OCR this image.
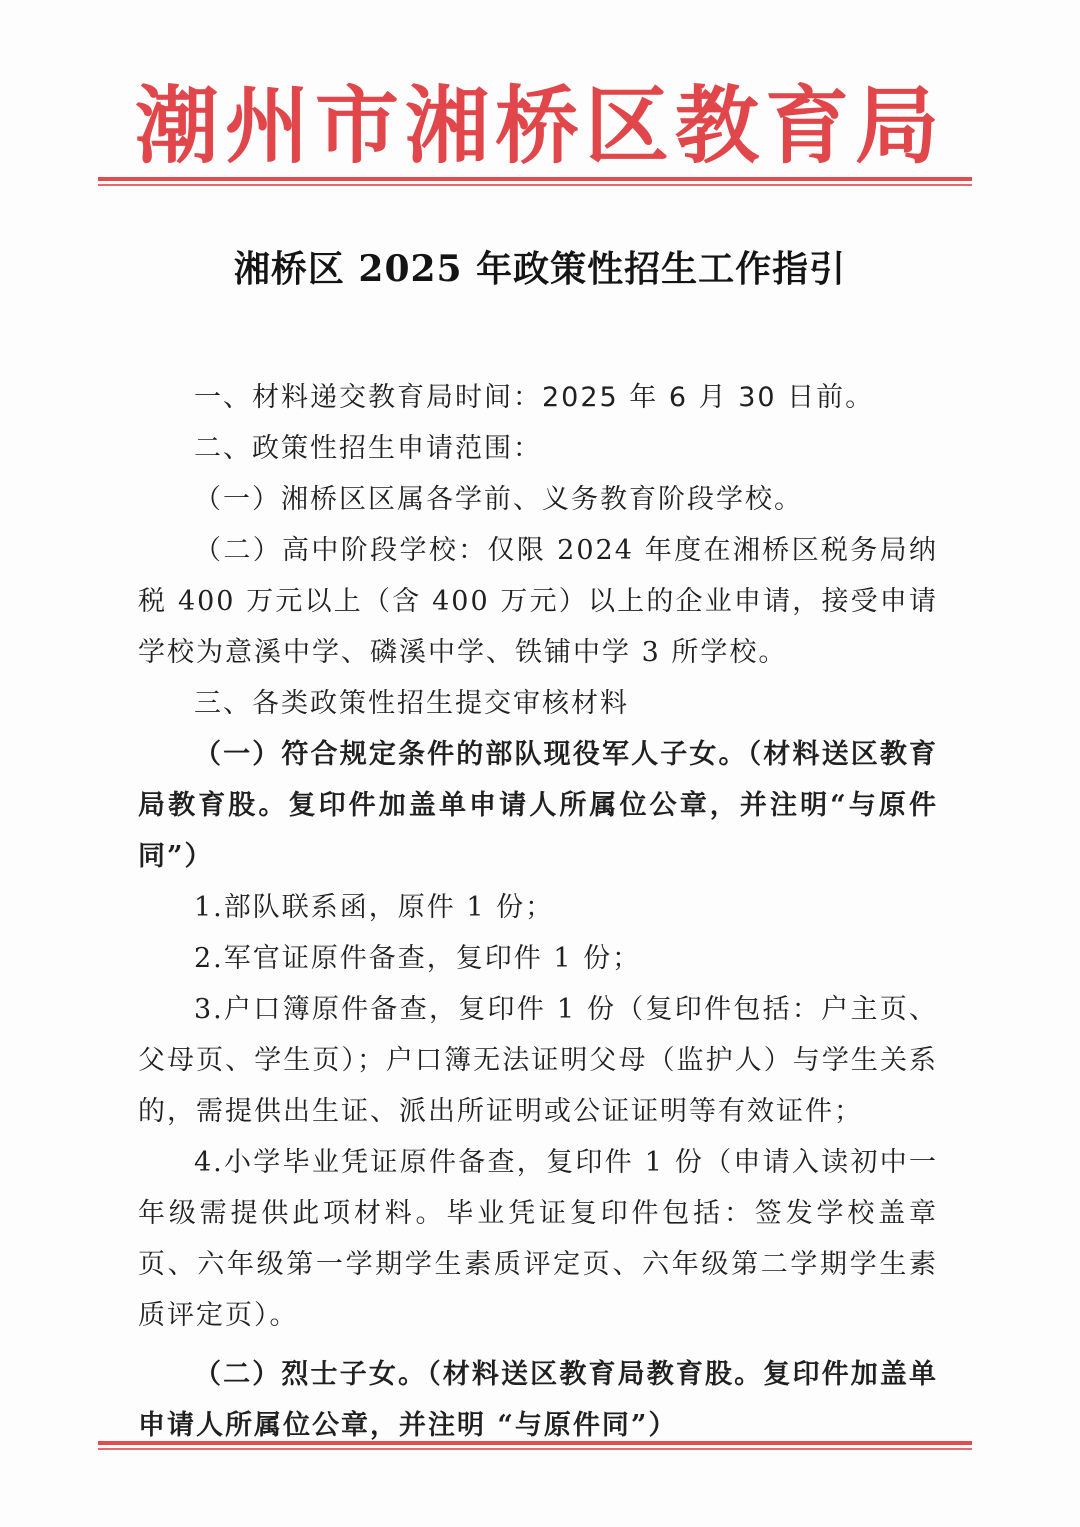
潮州市湘桥区教育局
湘桥区 2025 年政策性招生工作指引

一、材料递交教育局时间：2025 年 6 月 30 日前。

二、政策性招生申请范围：

（一）湘桥区区属各学前、义务教育阶段学校。

（二）高中阶段学校：仅限 2024 年度在湘桥区税务局纳税 400 万元以上（含 400 万元）以上的企业申请，接受申请学校为意溪中学、磷溪中学、铁铺中学 3 所学校。

三、各类政策性招生提交审核材料

（一）符合规定条件的部队现役军人子女。（材料送区教育局教育股。复印件加盖单申请人所属位公章，并注明“与原件同”）

1.部队联系函，原件 1 份；

2.军官证原件备查，复印件 1 份；

3.户口簿原件备查，复印件 1 份（复印件包括：户主页、父母页、学生页）；户口簿无法证明父母（监护人）与学生关系的，需提供出生证、派出所证明或公证证明等有效证件；

4.小学毕业凭证原件备查，复印件 1 份（申请入读初中一年级需提供此项材料。毕业凭证复印件包括：签发学校盖章页、六年级第一学期学生素质评定页、六年级第二学期学生素质评定页）。

（二）烈士子女。（材料送区教育局教育股。复印件加盖单申请人所属位公章，并注明 “与原件同”）
